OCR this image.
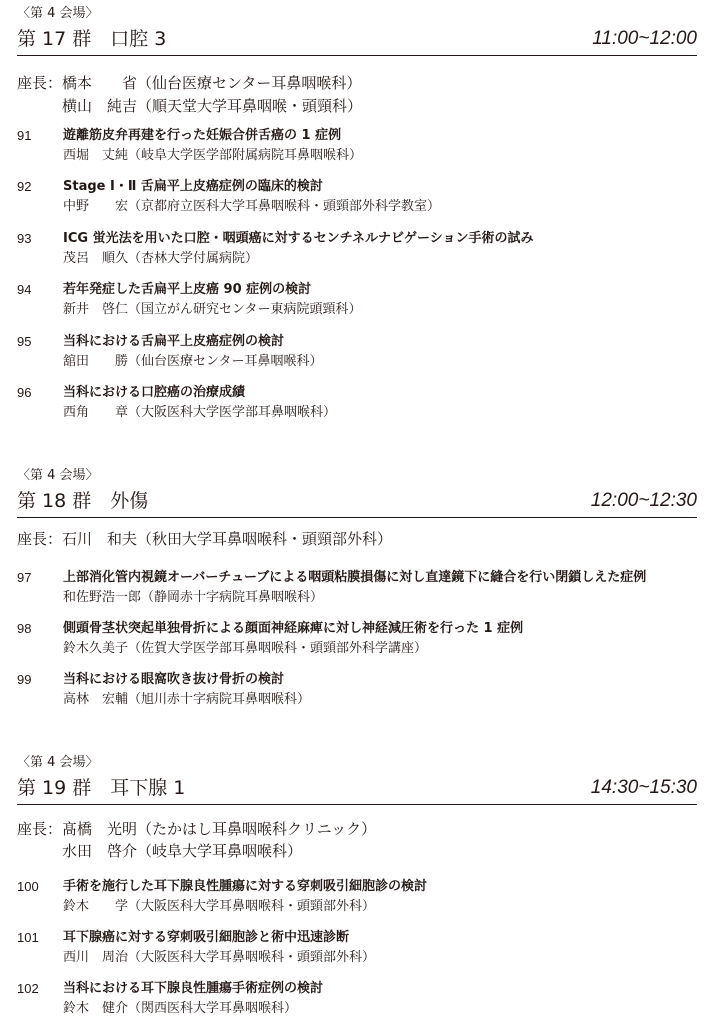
〈第 4 会場〉
第 17 群　口腔 3	11:00~12:00
座長： 橋本　　省（仙台医療センター耳鼻咽喉科）
横山　純吉（順天堂大学耳鼻咽喉・頭頸科）
91 遊離筋皮弁再建を行った妊娠合併舌癌の 1 症例
西堀　丈純（岐阜大学医学部附属病院耳鼻咽喉科）
92 Stage Ⅰ・Ⅱ 舌扁平上皮癌症例の臨床的検討
中野　　宏（京都府立医科大学耳鼻咽喉科・頭頸部外科学教室）
93 ICG 蛍光法を用いた口腔・咽頭癌に対するセンチネルナビゲーション手術の試み
茂呂　順久（杏林大学付属病院）
94 若年発症した舌扁平上皮癌 90 症例の検討
新井　啓仁（国立がん研究センター東病院頭頸科）
95 当科における舌扁平上皮癌症例の検討
舘田　　勝（仙台医療センター耳鼻咽喉科）
96 当科における口腔癌の治療成績
西角　　章（大阪医科大学医学部耳鼻咽喉科）
〈第 4 会場〉
第 18 群　外傷	12:00~12:30
座長： 石川　和夫（秋田大学耳鼻咽喉科・頭頸部外科）
97 上部消化管内視鏡オーバーチューブによる咽頭粘膜損傷に対し直達鏡下に縫合を行い閉鎖しえた症例
和佐野浩一郎（静岡赤十字病院耳鼻咽喉科）
98 側頭骨茎状突起単独骨折による顔面神経麻痺に対し神経減圧術を行った 1 症例
鈴木久美子（佐賀大学医学部耳鼻咽喉科・頭頸部外科学講座）
99 当科における眼窩吹き抜け骨折の検討
高林　宏輔（旭川赤十字病院耳鼻咽喉科）
〈第 4 会場〉
第 19 群　耳下腺 1	14:30~15:30
座長： 髙橋　光明（たかはし耳鼻咽喉科クリニック）
水田　啓介（岐阜大学耳鼻咽喉科）
100 手術を施行した耳下腺良性腫瘍に対する穿刺吸引細胞診の検討
鈴木　　学（大阪医科大学耳鼻咽喉科・頭頸部外科）
101 耳下腺癌に対する穿刺吸引細胞診と術中迅速診断
西川　周治（大阪医科大学耳鼻咽喉科・頭頸部外科）
102 当科における耳下腺良性腫瘍手術症例の検討
鈴木　健介（関西医科大学耳鼻咽喉科）
